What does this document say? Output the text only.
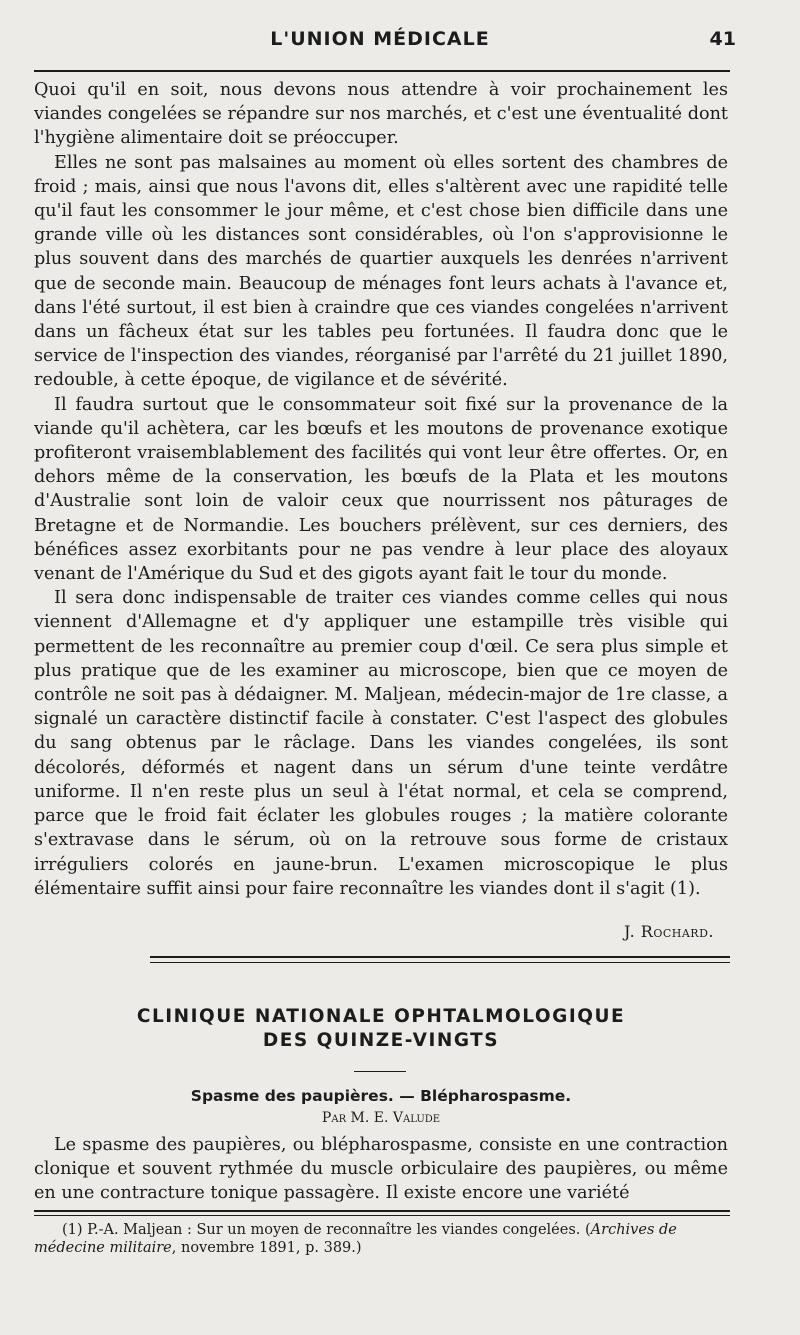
L'UNION MÉDICALE	41

Quoi qu'il en soit, nous devons nous attendre à voir prochainement les viandes congelées se répandre sur nos marchés, et c'est une éventualité dont l'hygiène alimentaire doit se préoccuper.

Elles ne sont pas malsaines au moment où elles sortent des chambres de froid ; mais, ainsi que nous l'avons dit, elles s'altèrent avec une rapidité telle qu'il faut les consommer le jour même, et c'est chose bien difficile dans une grande ville où les distances sont considérables, où l'on s'approvisionne le plus souvent dans des marchés de quartier auxquels les denrées n'arrivent que de seconde main. Beaucoup de ménages font leurs achats à l'avance et, dans l'été surtout, il est bien à craindre que ces viandes congelées n'arrivent dans un fâcheux état sur les tables peu fortunées. Il faudra donc que le service de l'inspection des viandes, réorganisé par l'arrêté du 21 juillet 1890, redouble, à cette époque, de vigilance et de sévérité.

Il faudra surtout que le consommateur soit fixé sur la provenance de la viande qu'il achètera, car les bœufs et les moutons de provenance exotique profiteront vraisemblablement des facilités qui vont leur être offertes. Or, en dehors même de la conservation, les bœufs de la Plata et les moutons d'Australie sont loin de valoir ceux que nourrissent nos pâturages de Bretagne et de Normandie. Les bouchers prélèvent, sur ces derniers, des bénéfices assez exorbitants pour ne pas vendre à leur place des aloyaux venant de l'Amérique du Sud et des gigots ayant fait le tour du monde.

Il sera donc indispensable de traiter ces viandes comme celles qui nous viennent d'Allemagne et d'y appliquer une estampille très visible qui permettent de les reconnaître au premier coup d'œil. Ce sera plus simple et plus pratique que de les examiner au microscope, bien que ce moyen de contrôle ne soit pas à dédaigner. M. Maljean, médecin-major de 1re classe, a signalé un caractère distinctif facile à constater. C'est l'aspect des globules du sang obtenus par le râclage. Dans les viandes congelées, ils sont décolorés, déformés et nagent dans un sérum d'une teinte verdâtre uniforme. Il n'en reste plus un seul à l'état normal, et cela se comprend, parce que le froid fait éclater les globules rouges ; la matière colorante s'extravase dans le sérum, où on la retrouve sous forme de cristaux irréguliers colorés en jaune-brun. L'examen microscopique le plus élémentaire suffit ainsi pour faire reconnaître les viandes dont il s'agit (1).

J. Rochard.
CLINIQUE NATIONALE OPHTALMOLOGIQUE
DES QUINZE-VINGTS
Spasme des paupières. — Blépharospasme.
Par M. E. Valude

Le spasme des paupières, ou blépharospasme, consiste en une contraction clonique et souvent rythmée du muscle orbiculaire des paupières, ou même en une contracture tonique passagère. Il existe encore une variété

(1) P.-A. Maljean : Sur un moyen de reconnaître les viandes congelées. (Archives de médecine militaire, novembre 1891, p. 389.)
